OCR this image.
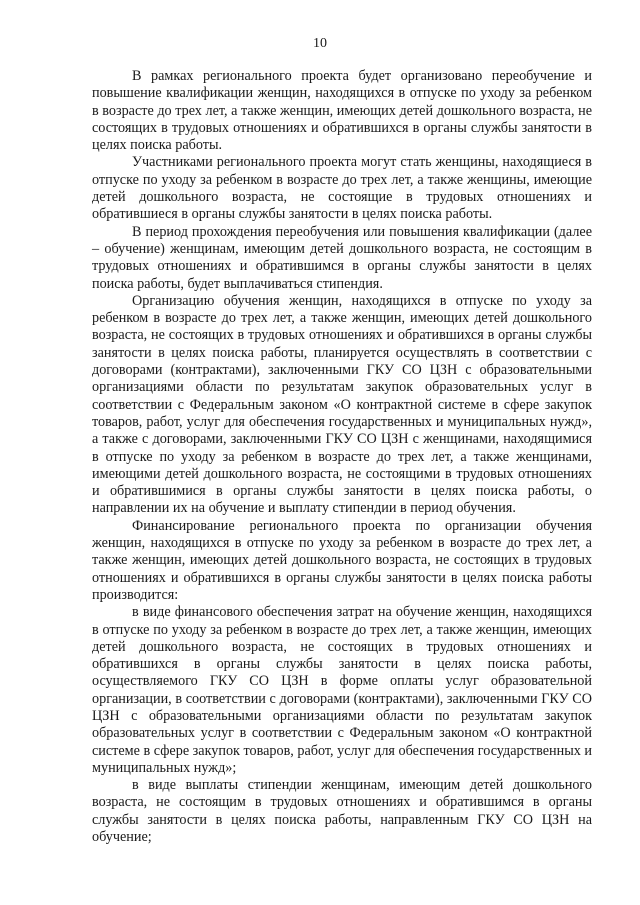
10

В рамках регионального проекта будет организовано переобучение и повышение квалификации женщин, находящихся в отпуске по уходу за ребенком в возрасте до трех лет, а также женщин, имеющих детей дошкольного возраста, не состоящих в трудовых отношениях и обратившихся в органы службы занятости в целях поиска работы.

Участниками регионального проекта могут стать женщины, находящиеся в отпуске по уходу за ребенком в возрасте до трех лет, а также женщины, имеющие детей дошкольного возраста, не состоящие в трудовых отношениях и обратившиеся в органы службы занятости в целях поиска работы.

В период прохождения переобучения или повышения квалификации (далее – обучение) женщинам, имеющим детей дошкольного возраста, не состоящим в трудовых отношениях и обратившимся в органы службы занятости в целях поиска работы, будет выплачиваться стипендия.

Организацию обучения женщин, находящихся в отпуске по уходу за ребенком в возрасте до трех лет, а также женщин, имеющих детей дошкольного возраста, не состоящих в трудовых отношениях и обратившихся в органы службы занятости в целях поиска работы, планируется осуществлять в соответствии с договорами (контрактами), заключенными ГКУ СО ЦЗН с образовательными организациями области по результатам закупок образовательных услуг в соответствии с Федеральным законом «О контрактной системе в сфере закупок товаров, работ, услуг для обеспечения государственных и муниципальных нужд», а также с договорами, заключенными ГКУ СО ЦЗН с женщинами, находящимися в отпуске по уходу за ребенком в возрасте до трех лет, а также женщинами, имеющими детей дошкольного возраста, не состоящими в трудовых отношениях и обратившимися в органы службы занятости в целях поиска работы, о направлении их на обучение и выплату стипендии в период обучения.

Финансирование регионального проекта по организации обучения женщин, находящихся в отпуске по уходу за ребенком в возрасте до трех лет, а также женщин, имеющих детей дошкольного возраста, не состоящих в трудовых отношениях и обратившихся в органы службы занятости в целях поиска работы производится:

в виде финансового обеспечения затрат на обучение женщин, находящихся в отпуске по уходу за ребенком в возрасте до трех лет, а также женщин, имеющих детей дошкольного возраста, не состоящих в трудовых отношениях и обратившихся в органы службы занятости в целях поиска работы, осуществляемого ГКУ СО ЦЗН в форме оплаты услуг образовательной организации, в соответствии с договорами (контрактами), заключенными ГКУ СО ЦЗН с образовательными организациями области по результатам закупок образовательных услуг в соответствии с Федеральным законом «О контрактной системе в сфере закупок товаров, работ, услуг для обеспечения государственных и муниципальных нужд»;

в виде выплаты стипендии женщинам, имеющим детей дошкольного возраста, не состоящим в трудовых отношениях и обратившимся в органы службы занятости в целях поиска работы, направленным ГКУ СО ЦЗН на обучение;
